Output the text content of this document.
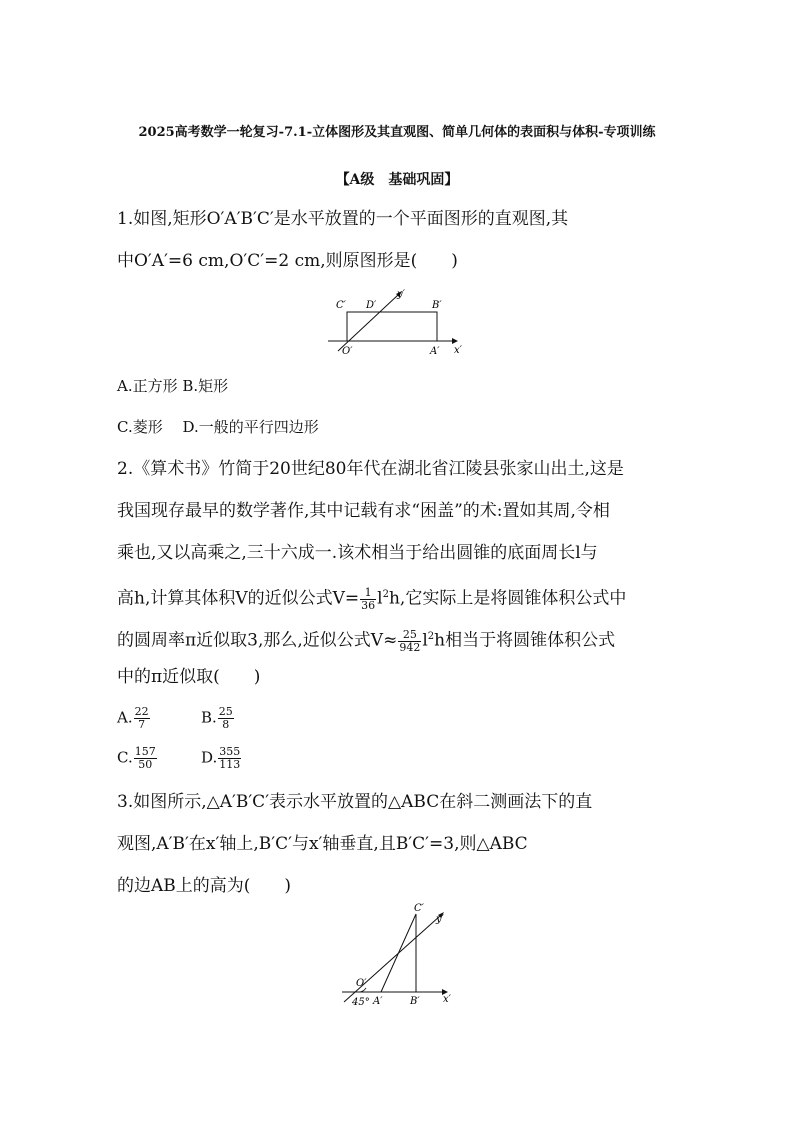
2025高考数学一轮复习-7.1-立体图形及其直观图、简单几何体的表面积与体积-专项训练
【A级　基础巩固】
1.如图,矩形O′A′B′C′是水平放置的一个平面图形的直观图,其
中O′A′=6 cm,O′C′=2 cm,则原图形是(　　)
C′ D′
y′
B′
O′	A′ x′
A.正方形 B.矩形
C.菱形　 D.一般的平行四边形
2.《算术书》竹简于20世纪80年代在湖北省江陵县张家山出土,这是
我国现存最早的数学著作,其中记载有求“困盖”的术:置如其周,令相
乘也,又以高乘之,三十六成一.该术相当于给出圆锥的底面周长l与
高h,计算其体积V的近似公式$V= \frac{1}{36} l^2h$,它实际上是将圆锥体积公式中
的圆周率π近似取3,那么,近似公式$V\approx \frac{25}{942} l^2h$相当于将圆锥体积公式
中的π近似取(　　)
A. $\frac{22}{7}$	B. $\frac{25}{8}$
C. $\frac{157}{50}$	D. $\frac{355}{113}$
3.如图所示,△A′B′C′表示水平放置的△ABC在斜二测画法下的直
观图,A′B′在x′轴上,B′C′与x′轴垂直,且B′C′=3,则△ABC
的边AB上的高为(　　)
C′
y′
O′
A′	B′ x′
45°
